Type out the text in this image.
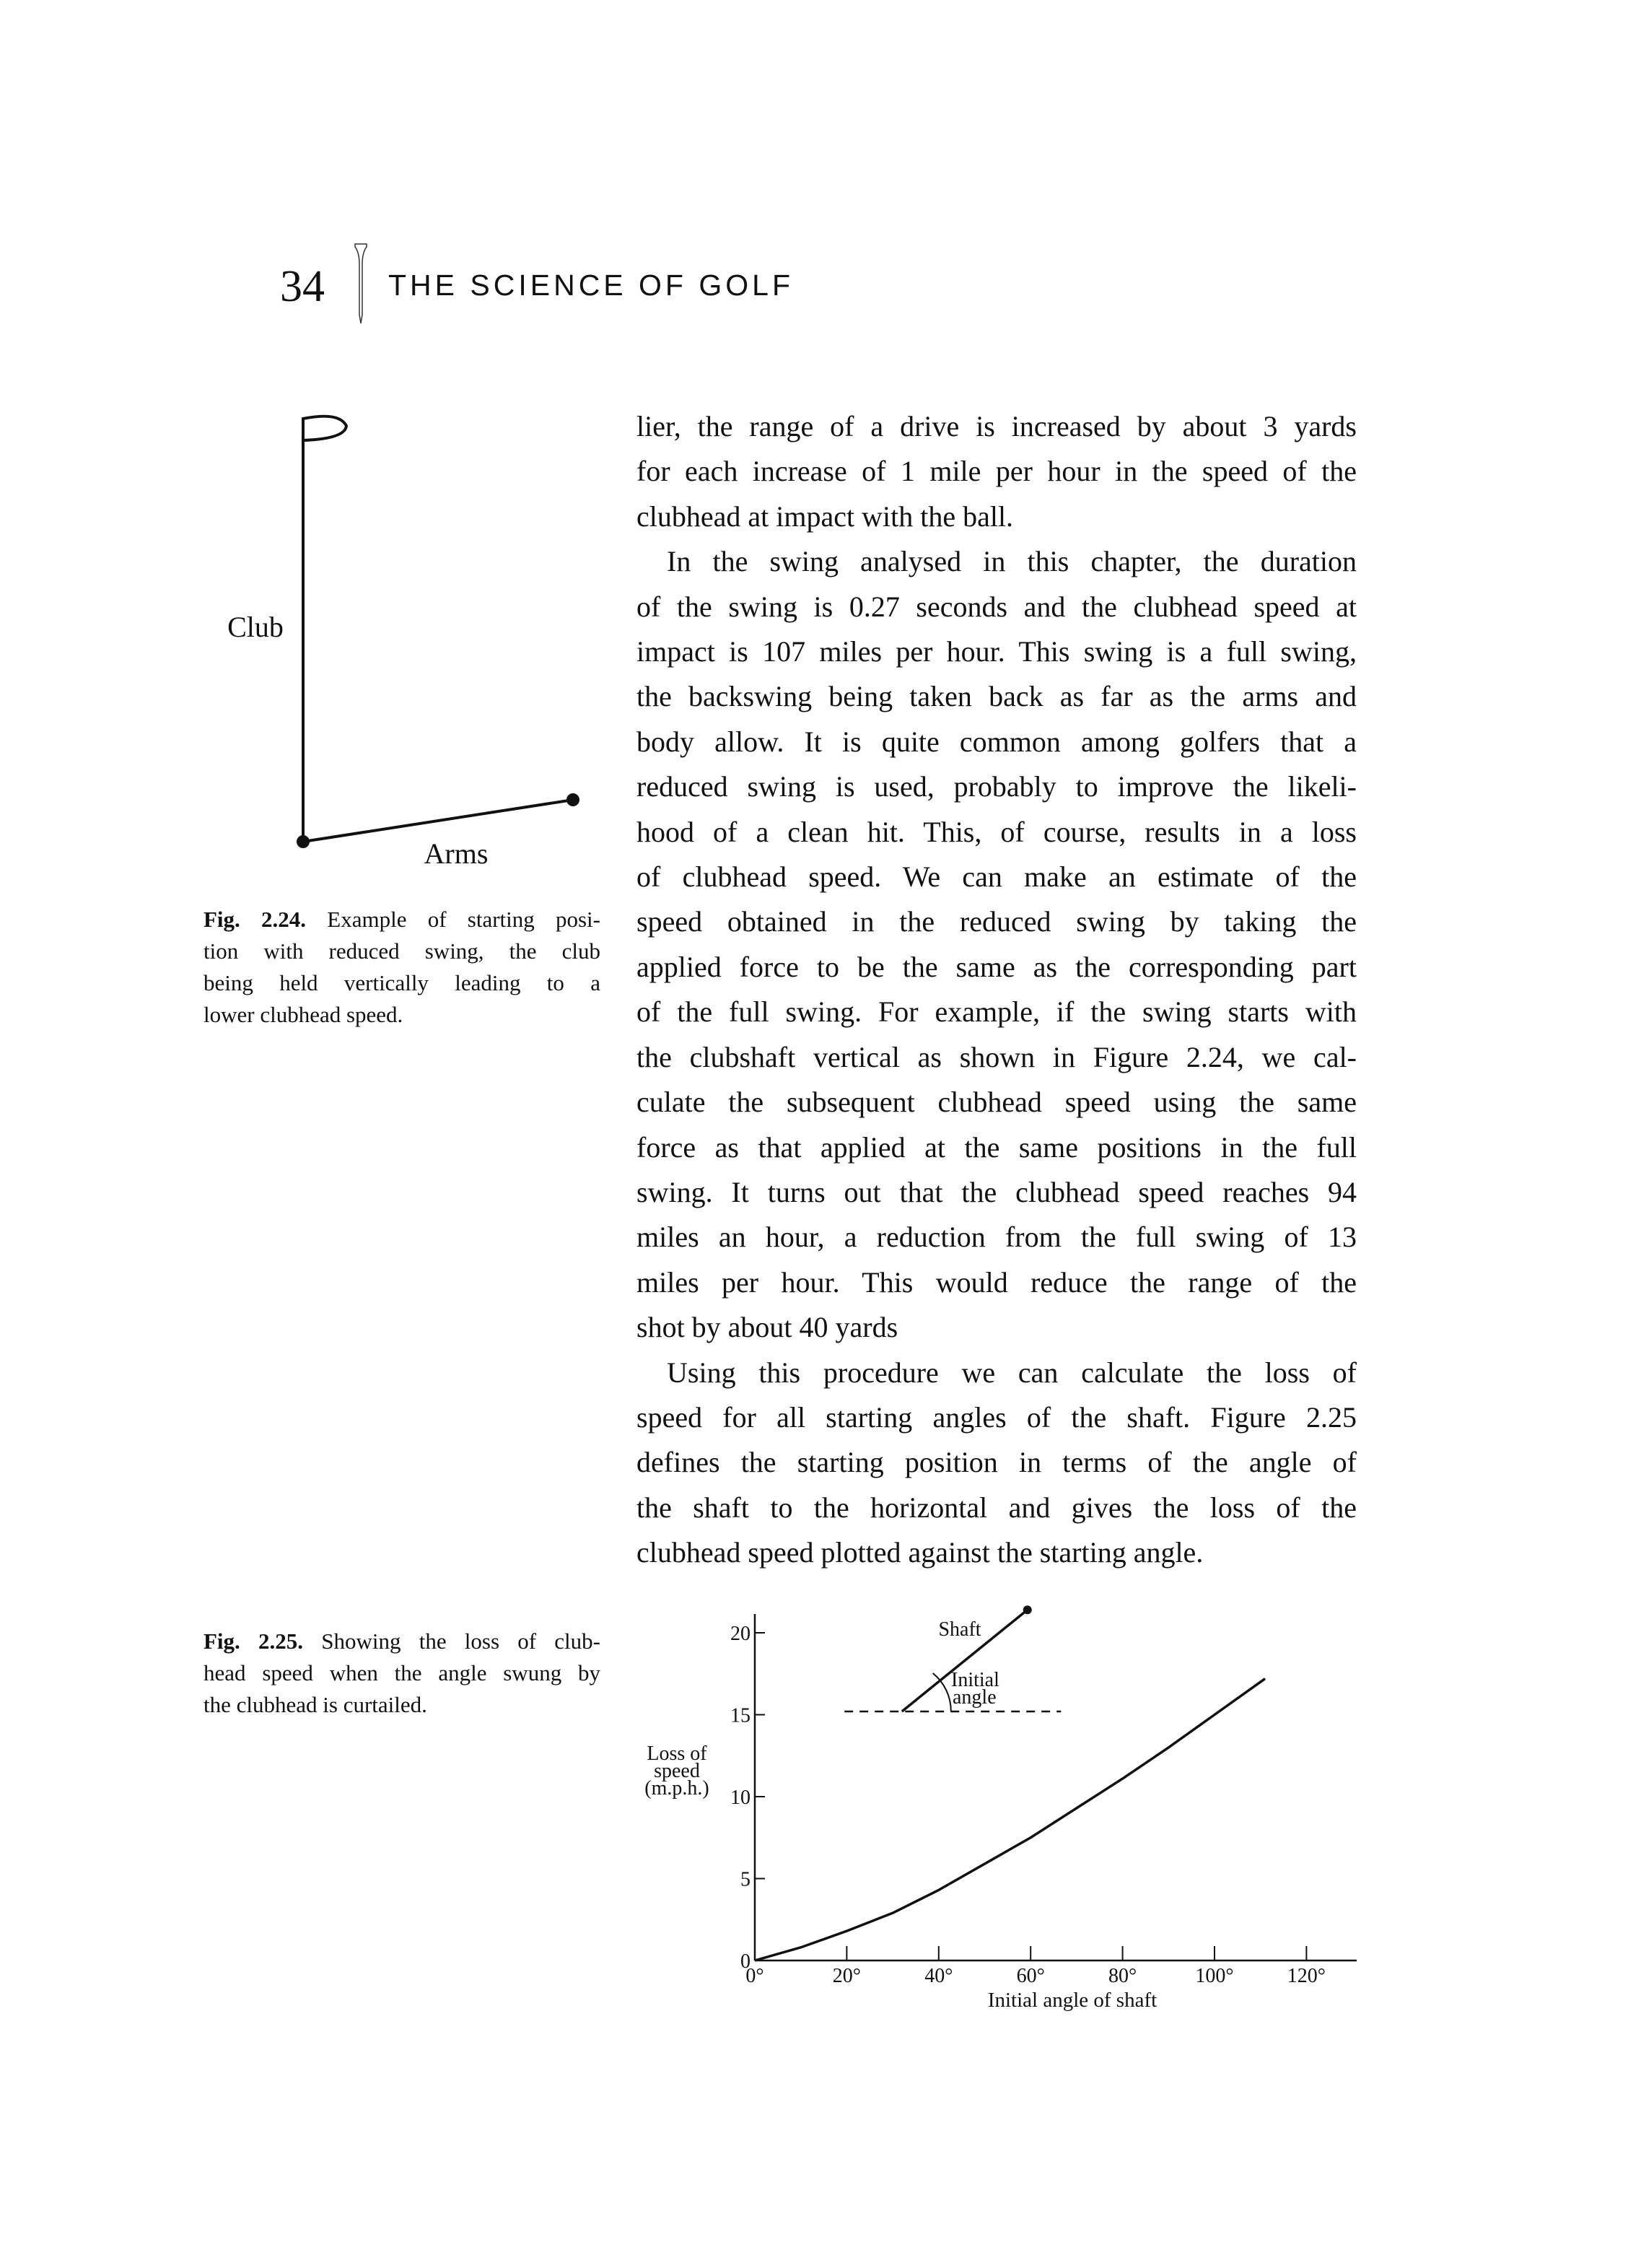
34 THE SCIENCE OF GOLF
Club
Arms
Fig. 2.24. Example of starting posi-
tion with reduced swing, the club
being held vertically leading to a
lower clubhead speed.
lier, the range of a drive is increased by about 3 yards
for each increase of 1 mile per hour in the speed of the
clubhead at impact with the ball.
In the swing analysed in this chapter, the duration
of the swing is 0.27 seconds and the clubhead speed at
impact is 107 miles per hour. This swing is a full swing,
the backswing being taken back as far as the arms and
body allow. It is quite common among golfers that a
reduced swing is used, probably to improve the likeli-
hood of a clean hit. This, of course, results in a loss
of clubhead speed. We can make an estimate of the
speed obtained in the reduced swing by taking the
applied force to be the same as the corresponding part
of the full swing. For example, if the swing starts with
the clubshaft vertical as shown in Figure 2.24, we cal-
culate the subsequent clubhead speed using the same
force as that applied at the same positions in the full
swing. It turns out that the clubhead speed reaches 94
miles an hour, a reduction from the full swing of 13
miles per hour. This would reduce the range of the
shot by about 40 yards
Using this procedure we can calculate the loss of
speed for all starting angles of the shaft. Figure 2.25
defines the starting position in terms of the angle of
the shaft to the horizontal and gives the loss of the
clubhead speed plotted against the starting angle.
Fig. 2.25. Showing the loss of club-
head speed when the angle swung by
the clubhead is curtailed.
0
5
10
15
20
0°	20°	40°	60°	80°	100°	120°
Initial angle of shaft
Loss of
speed
(m.p.h.)
Shaft
Initial
angle
